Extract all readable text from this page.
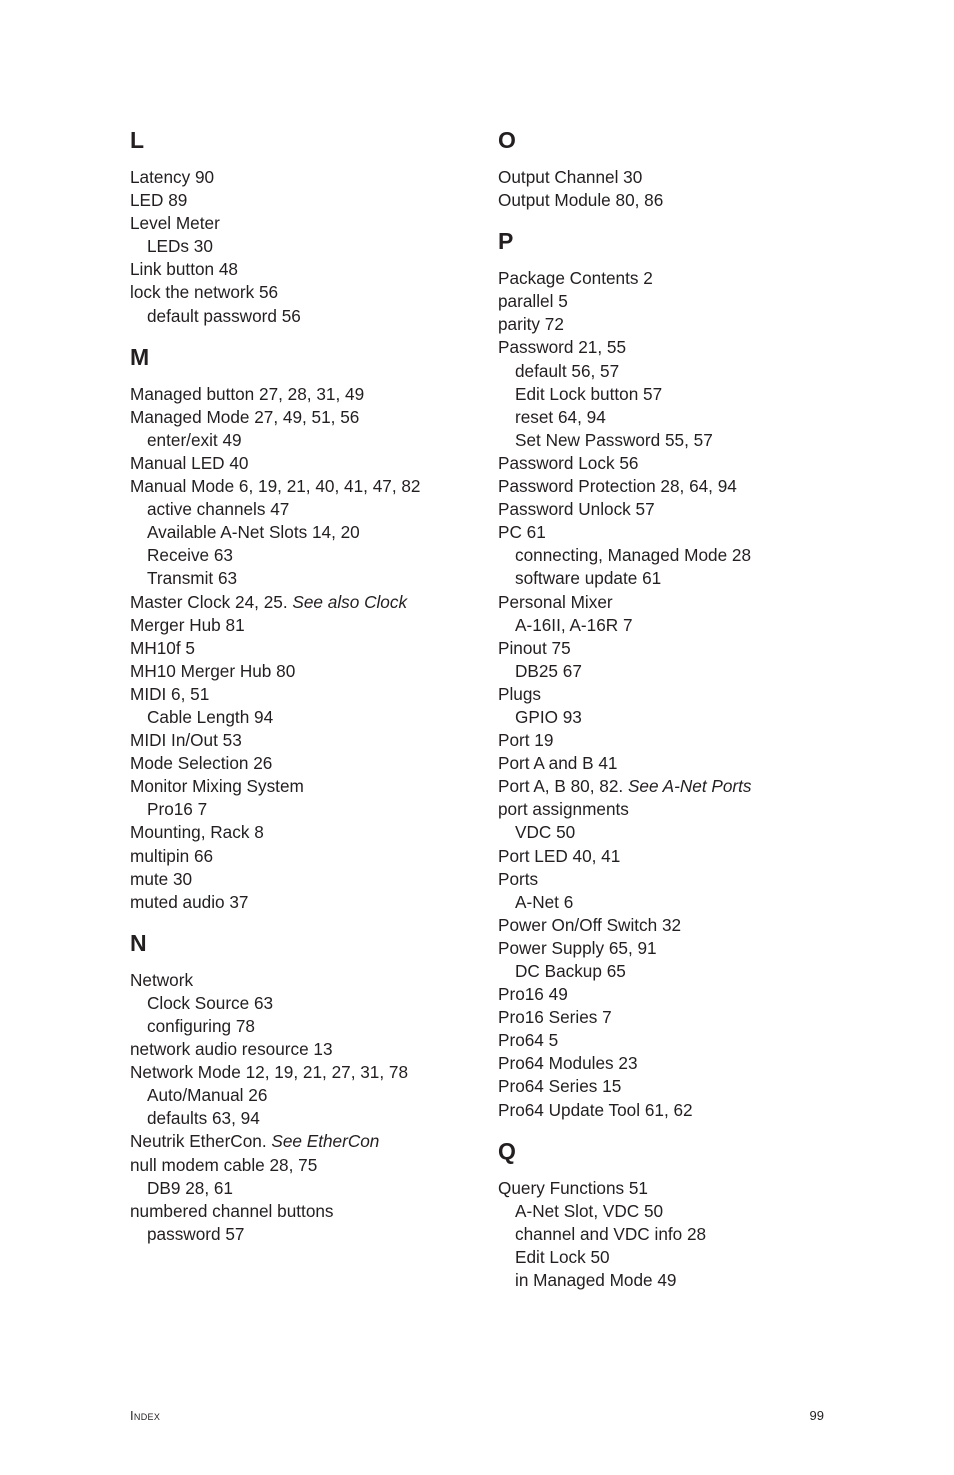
L
Latency 90
LED 89
Level Meter
LEDs 30
Link button 48
lock the network 56
default password 56
M
Managed button 27, 28, 31, 49
Managed Mode 27, 49, 51, 56
enter/exit 49
Manual LED 40
Manual Mode 6, 19, 21, 40, 41, 47, 82
active channels 47
Available A-Net Slots 14, 20
Receive 63
Transmit 63
Master Clock 24, 25. See also Clock
Merger Hub 81
MH10f 5
MH10 Merger Hub 80
MIDI 6, 51
Cable Length 94
MIDI In/Out 53
Mode Selection 26
Monitor Mixing System
Pro16 7
Mounting, Rack 8
multipin 66
mute 30
muted audio 37
N
Network
Clock Source 63
configuring 78
network audio resource 13
Network Mode 12, 19, 21, 27, 31, 78
Auto/Manual 26
defaults 63, 94
Neutrik EtherCon. See EtherCon
null modem cable 28, 75
DB9 28, 61
numbered channel buttons
password 57
O
Output Channel 30
Output Module 80, 86
P
Package Contents 2
parallel 5
parity 72
Password 21, 55
default 56, 57
Edit Lock button 57
reset 64, 94
Set New Password 55, 57
Password Lock 56
Password Protection 28, 64, 94
Password Unlock 57
PC 61
connecting, Managed Mode 28
software update 61
Personal Mixer
A-16II, A-16R 7
Pinout 75
DB25 67
Plugs
GPIO 93
Port 19
Port A and B 41
Port A, B 80, 82. See A-Net Ports
port assignments
VDC 50
Port LED 40, 41
Ports
A-Net 6
Power On/Off Switch 32
Power Supply 65, 91
DC Backup 65
Pro16 49
Pro16 Series 7
Pro64 5
Pro64 Modules 23
Pro64 Series 15
Pro64 Update Tool 61, 62
Q
Query Functions 51
A-Net Slot, VDC 50
channel and VDC info 28
Edit Lock 50
in Managed Mode 49
Index	99
